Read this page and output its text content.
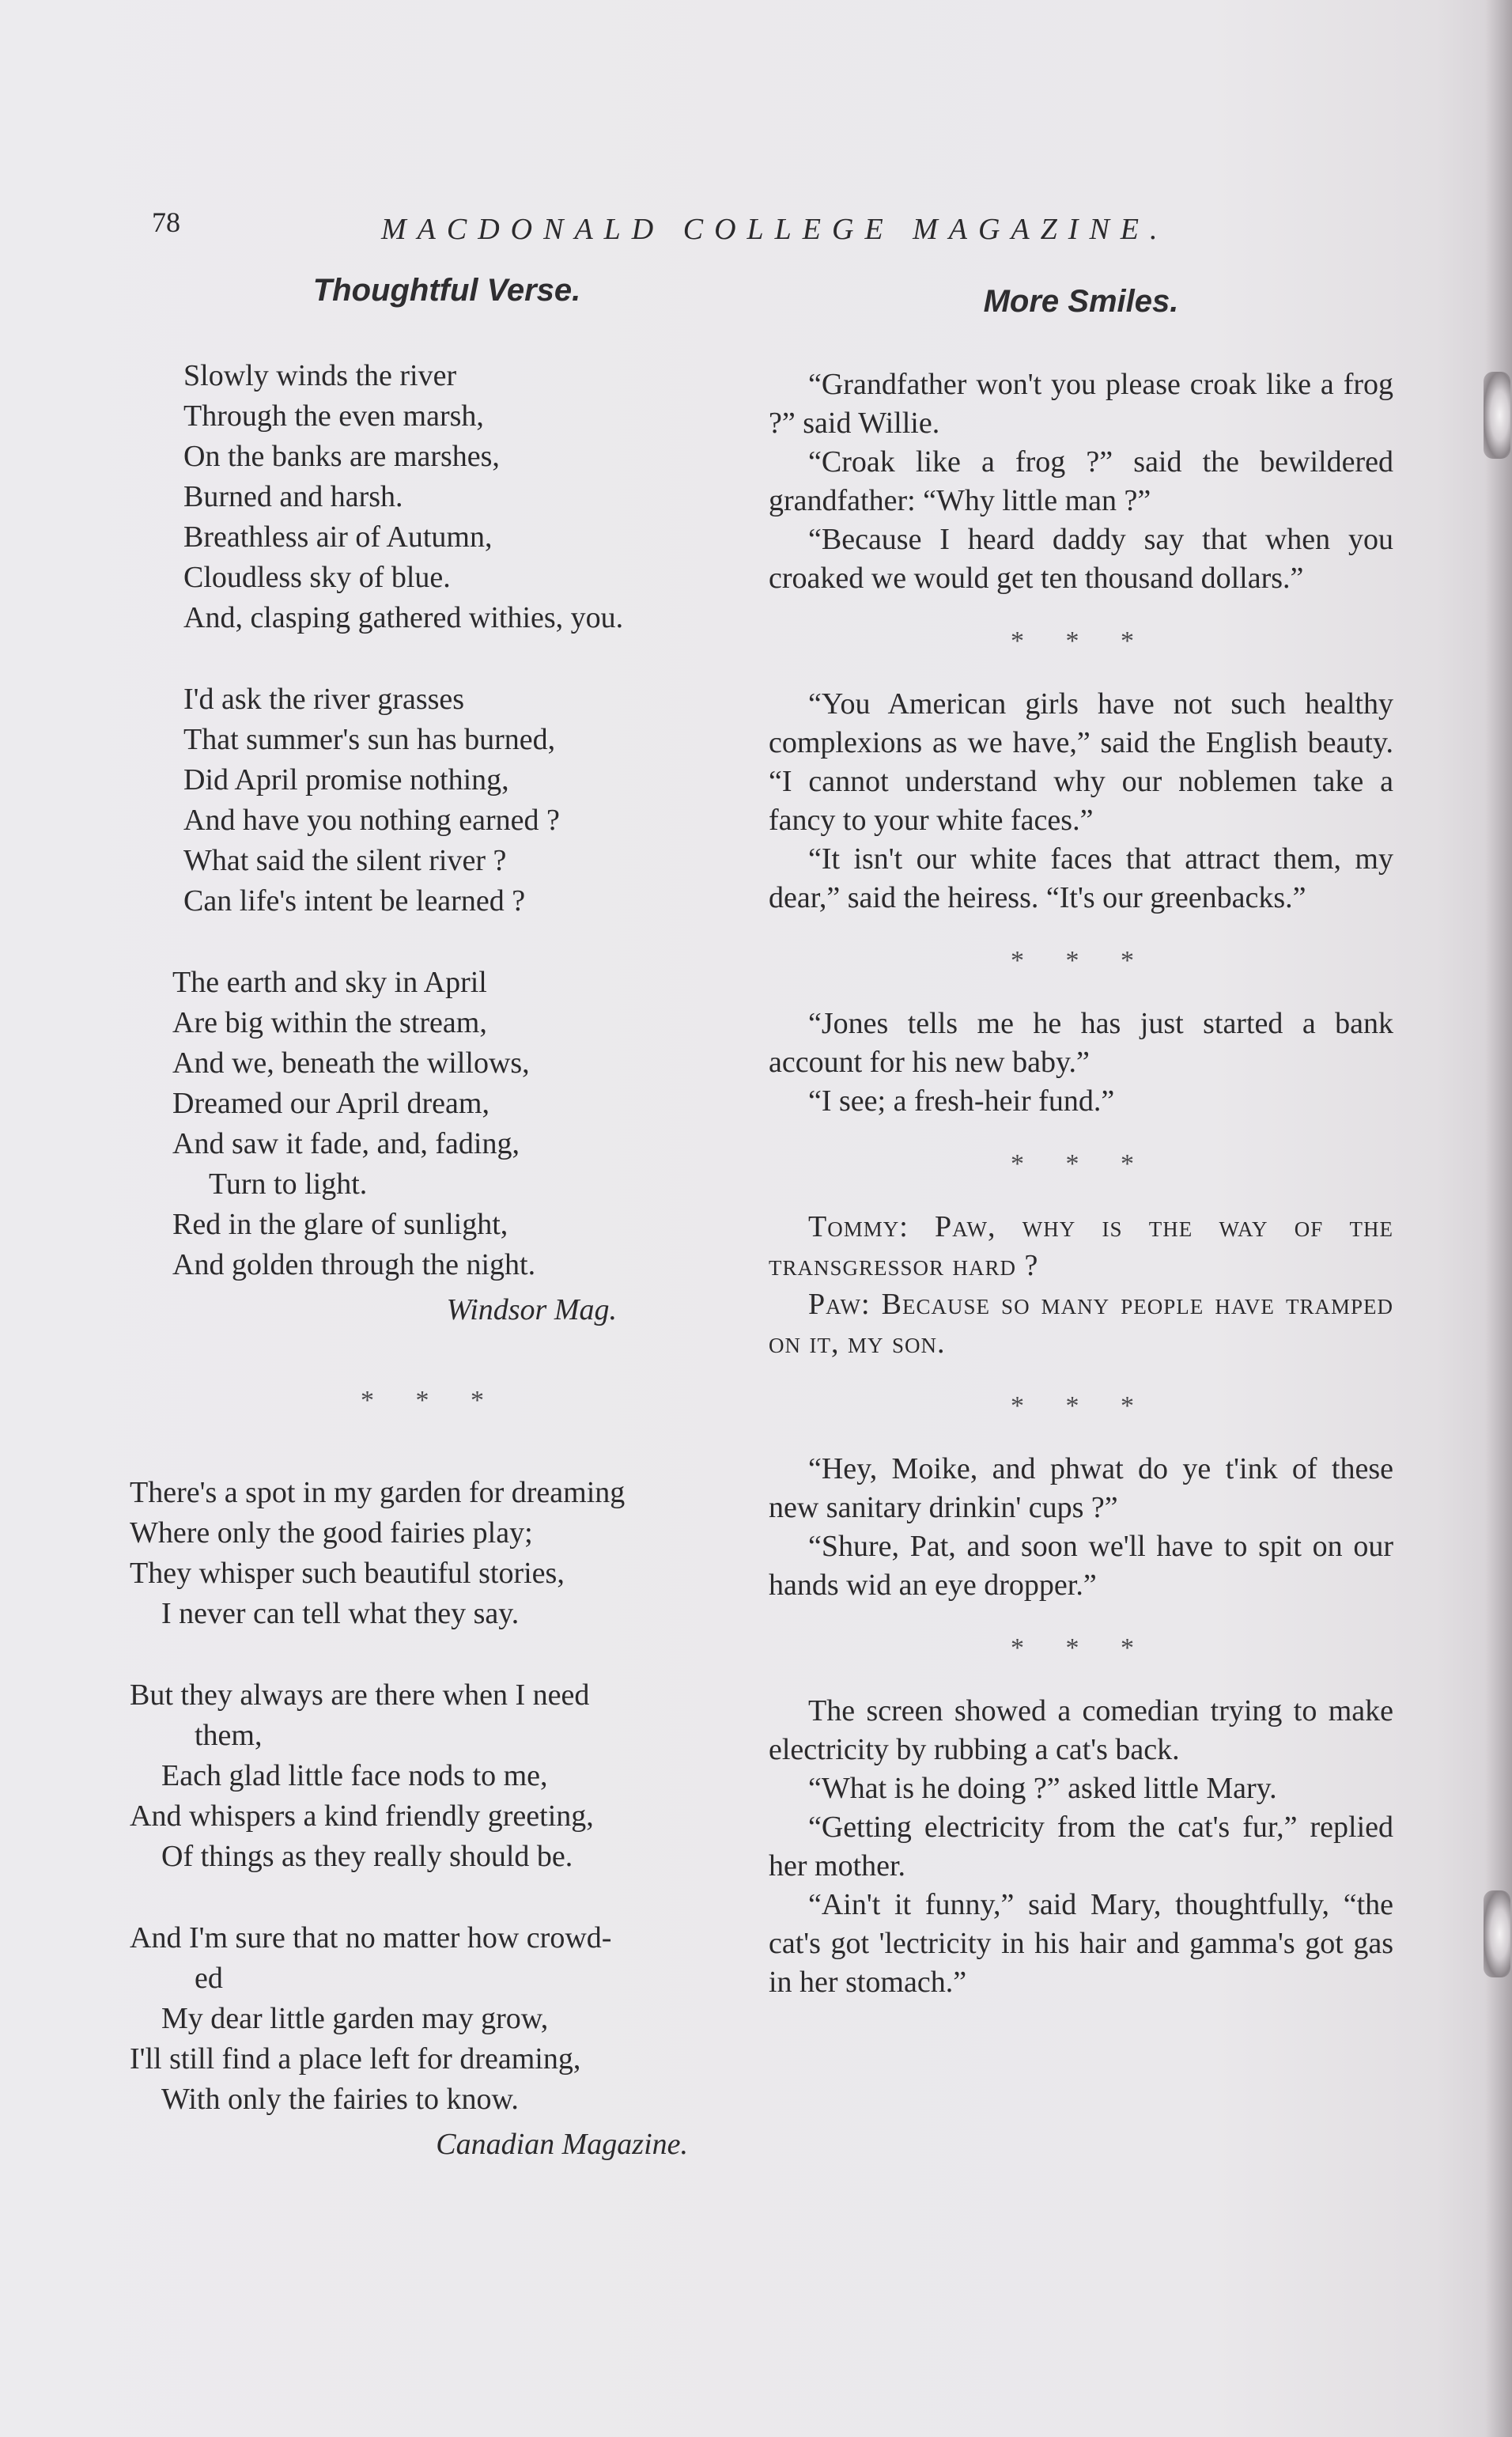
78	MACDONALD COLLEGE MAGAZINE.
Thoughtful Verse.
Slowly winds the river
Through the even marsh,
On the banks are marshes,
Burned and harsh.
Breathless air of Autumn,
Cloudless sky of blue.
And, clasping gathered withies, you.
I'd ask the river grasses
That summer's sun has burned,
Did April promise nothing,
And have you nothing earned ?
What said the silent river ?
Can life's intent be learned ?
The earth and sky in April
Are big within the stream,
And we, beneath the willows,
Dreamed our April dream,
And saw it fade, and, fading,
Turn to light.
Red in the glare of sunlight,
And golden through the night.
Windsor Mag.
* * *
There's a spot in my garden for dreaming
Where only the good fairies play;
They whisper such beautiful stories,
I never can tell what they say.
But they always are there when I need
them,
Each glad little face nods to me,
And whispers a kind friendly greeting,
Of things as they really should be.
And I'm sure that no matter how crowd-
ed
My dear little garden may grow,
I'll still find a place left for dreaming,
With only the fairies to know.
Canadian Magazine.
More Smiles.

“Grandfather won't you please croak like a frog ?” said Willie.

“Croak like a frog ?” said the bewildered grandfather: “Why little man ?”

“Because I heard daddy say that when you croaked we would get ten thousand dollars.”

* * *

“You American girls have not such healthy complexions as we have,” said the English beauty. “I cannot understand why our noblemen take a fancy to your white faces.”

“It isn't our white faces that attract them, my dear,” said the heiress. “It's our greenbacks.”

* * *

“Jones tells me he has just started a bank account for his new baby.”

“I see; a fresh-heir fund.”

* * *

Tommy: Paw, why is the way of the transgressor hard ?

Paw: Because so many people have tramped on it, my son.

* * *

“Hey, Moike, and phwat do ye t'ink of these new sanitary drinkin' cups ?”

“Shure, Pat, and soon we'll have to spit on our hands wid an eye dropper.”

* * *

The screen showed a comedian trying to make electricity by rubbing a cat's back.

“What is he doing ?” asked little Mary.

“Getting electricity from the cat's fur,” replied her mother.

“Ain't it funny,” said Mary, thoughtfully, “the cat's got 'lectricity in his hair and gamma's got gas in her stomach.”
